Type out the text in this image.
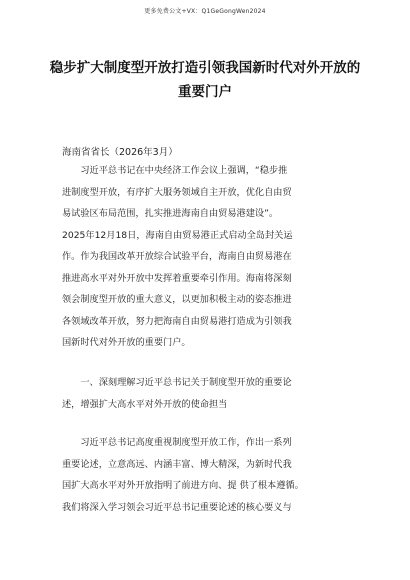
更多免费公文+VX：Q1GeGongWen2024
稳步扩大制度型开放打造引领我国新时代对外开放的
重要门户
海南省省长（2026年3月）
　　习近平总书记在中央经济工作会议上强调，“稳步推
进制度型开放，有序扩大服务领域自主开放，优化自由贸
易试验区布局范围，扎实推进海南自由贸易港建设”。
2025年12月18日，海南自由贸易港正式启动全岛封关运
作。作为我国改革开放综合试验平台，海南自由贸易港在
推进高水平对外开放中发挥着重要牵引作用。海南将深刻
领会制度型开放的重大意义，以更加积极主动的姿态推进
各领域改革开放，努力把海南自由贸易港打造成为引领我
国新时代对外开放的重要门户。
　　一、深刻理解习近平总书记关于制度型开放的重要论
述，增强扩大高水平对外开放的使命担当
　　习近平总书记高度重视制度型开放工作，作出一系列
重要论述，立意高远、内涵丰富、博大精深，为新时代我
国扩大高水平对外开放指明了前进方向、提 供了根本遵循。
我们将深入学习领会习近平总书记重要论述的核心要义与
